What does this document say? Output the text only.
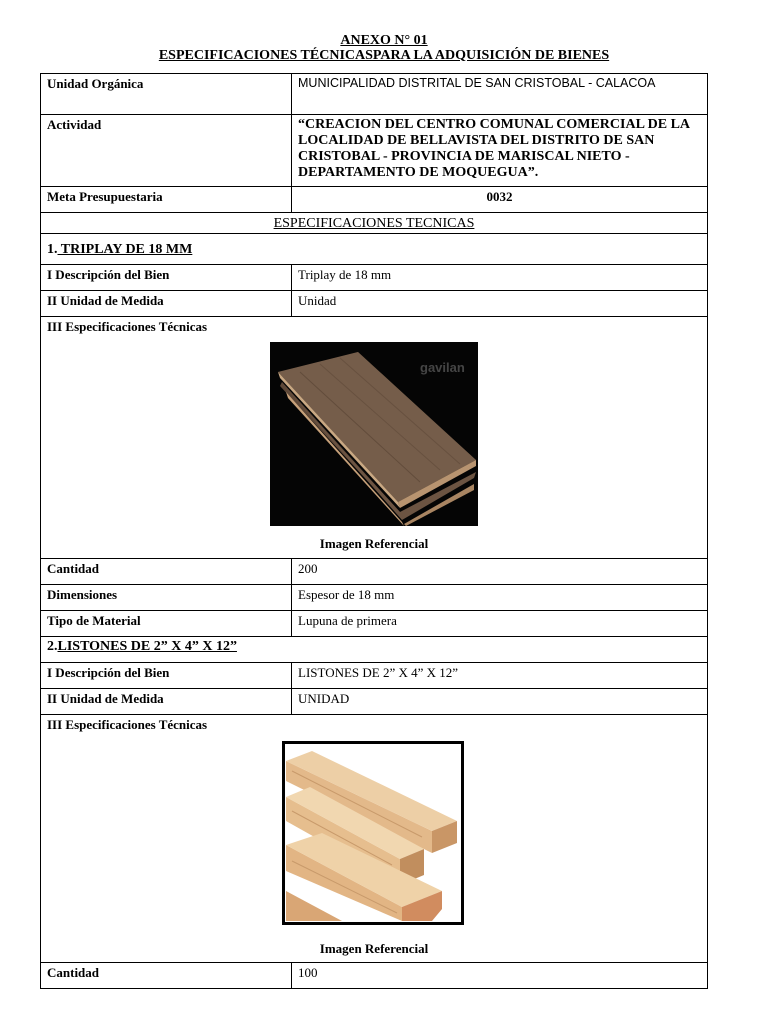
ANEXO N° 01
ESPECIFICACIONES TÉCNICASPARA LA ADQUISICIÓN DE BIENES
Unidad Orgánica	MUNICIPALIDAD DISTRITAL DE SAN CRISTOBAL - CALACOA
Actividad	“CREACION DEL CENTRO COMUNAL COMERCIAL DE LA LOCALIDAD DE BELLAVISTA DEL DISTRITO DE SAN CRISTOBAL - PROVINCIA DE MARISCAL NIETO - DEPARTAMENTO DE MOQUEGUA”.
Meta Presupuestaria	0032
ESPECIFICACIONES TECNICAS	
1. TRIPLAY DE 18 MM	
I Descripción del Bien	Triplay de 18 mm
II Unidad de Medida	Unidad

III Especificaciones Técnicas
gavilan
Imagen Referencial	

Cantidad	200
Dimensiones	Espesor de 18 mm
Tipo de Material	Lupuna de primera
2.LISTONES DE 2” X 4” X 12”	
I Descripción del Bien	LISTONES DE 2” X 4” X 12”
II Unidad de Medida	UNIDAD

III Especificaciones Técnicas
Imagen Referencial	

Cantidad	100
